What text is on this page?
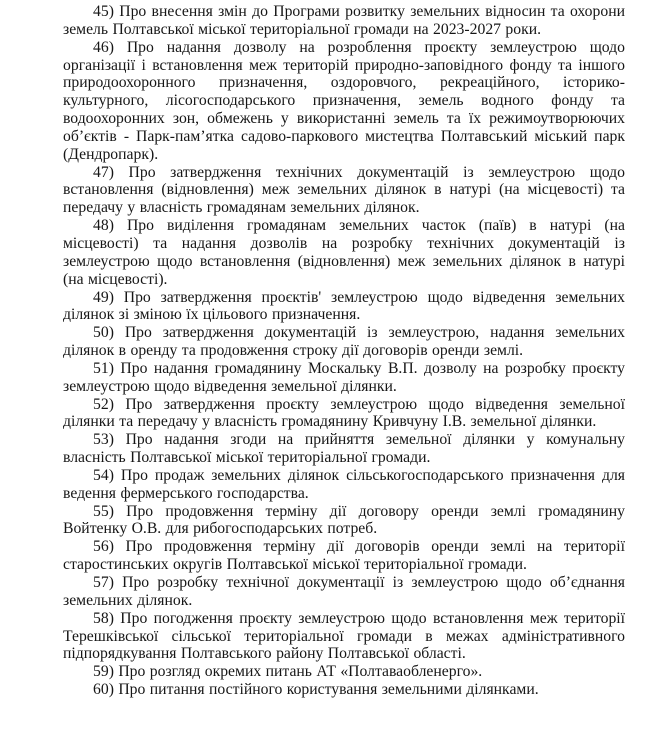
45) Про внесення змін до Програми розвитку земельних відносин та охорони земель Полтавської міської територіальної громади на 2023-2027 роки.

46) Про надання дозволу на розроблення проєкту землеустрою щодо організації і встановлення меж територій природно-заповідного фонду та іншого природоохоронного призначення, оздоровчого, рекреаційного, історико-культурного, лісогосподарського призначення, земель водного фонду та водоохоронних зон, обмежень у використанні земель та їх режимоутворюючих об’єктів - Парк-пам’ятка садово-паркового мистецтва Полтавський міський парк (Дендропарк).

47) Про затвердження технічних документацій із землеустрою щодо встановлення (відновлення) меж земельних ділянок в натурі (на місцевості) та передачу у власність громадянам земельних ділянок.

48) Про виділення громадянам земельних часток (паїв) в натурі (на місцевості) та надання дозволів на розробку технічних документацій із землеустрою щодо встановлення (відновлення) меж земельних ділянок в натурі (на місцевості).

49) Про затвердження проєктів' землеустрою щодо відведення земельних ділянок зі зміною їх цільового призначення.

50) Про затвердження документацій із землеустрою, надання земельних ділянок в оренду та продовження строку дії договорів оренди землі.

51) Про надання громадянину Москальку В.П. дозволу на розробку проєкту землеустрою щодо відведення земельної ділянки.

52) Про затвердження проєкту землеустрою щодо відведення земельної ділянки та передачу у власність громадянину Кривчуну І.В. земельної ділянки.

53) Про надання згоди на прийняття земельної ділянки у комунальну власність Полтавської міської територіальної громади.

54) Про продаж земельних ділянок сільськогосподарського призначення для ведення фермерського господарства.

55) Про продовження терміну дії договору оренди землі громадянину Войтенку О.В. для рибогосподарських потреб.

56) Про продовження терміну дії договорів оренди землі на території старостинських округів Полтавської міської територіальної громади.

57) Про розробку технічної документації із землеустрою щодо об’єднання земельних ділянок.

58) Про погодження проєкту землеустрою щодо встановлення меж території Терешківської сільської територіальної громади в межах адміністративного підпорядкування Полтавського району Полтавської області.

59) Про розгляд окремих питань АТ «Полтаваобленерго».

60) Про питання постійного користування земельними ділянками.
